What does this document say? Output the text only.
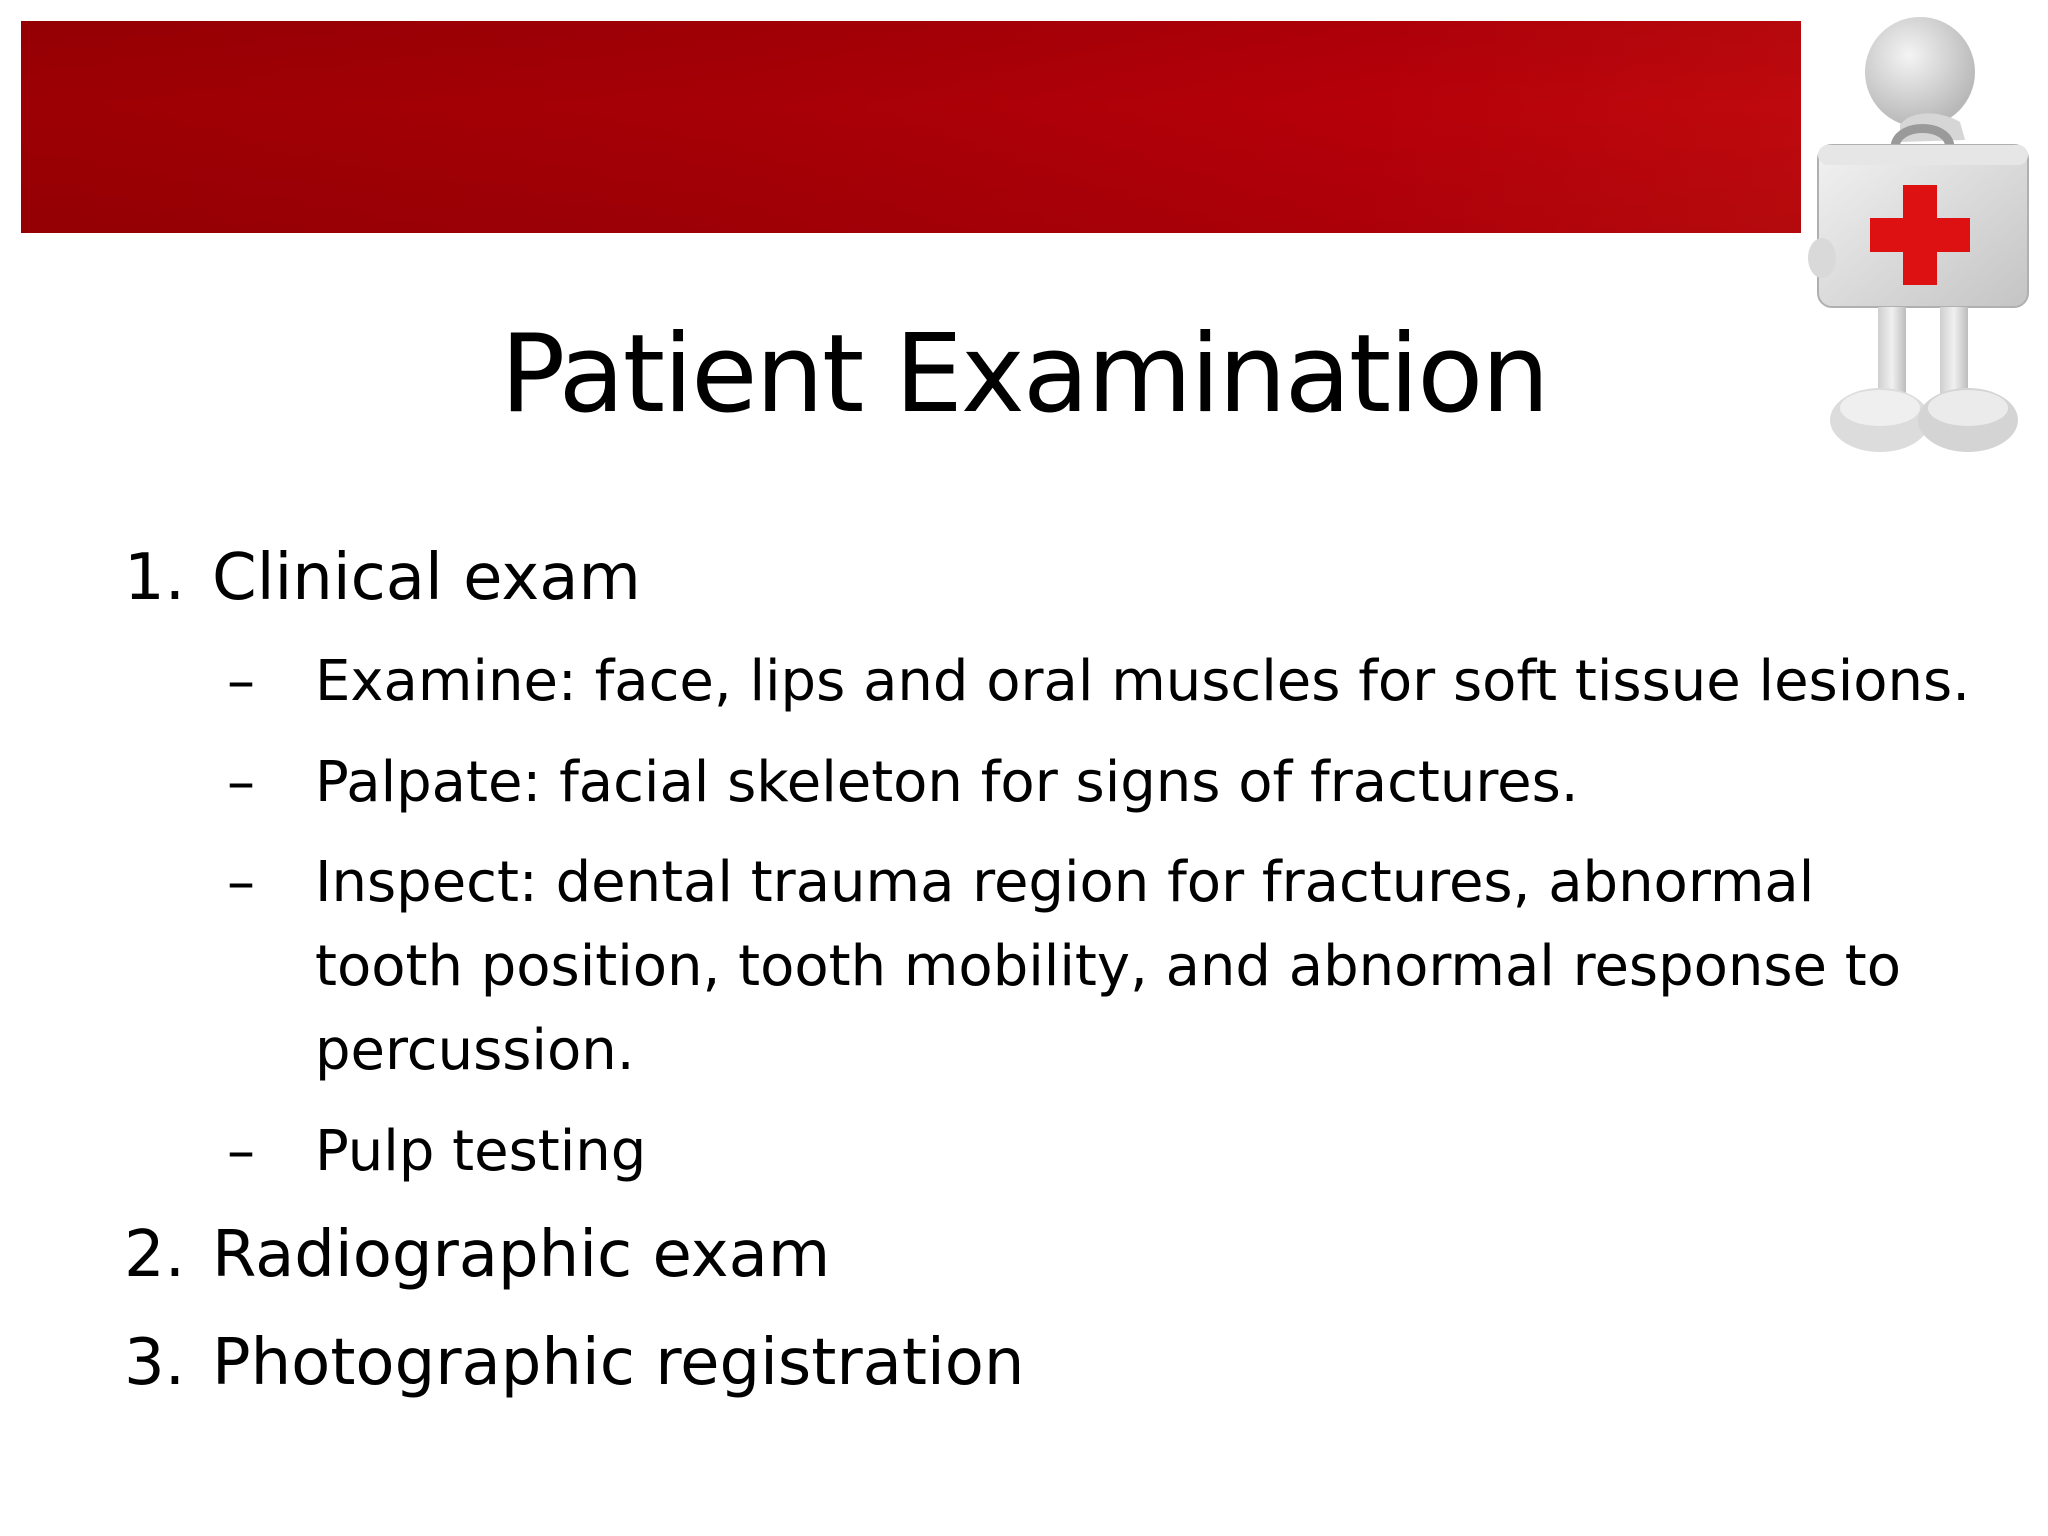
Patient Examination
1. Clinical exam
– Examine: face, lips and oral muscles for soft tissue lesions.
– Palpate: facial skeleton for signs of fractures.
– Inspect: dental trauma region for fractures, abnormal tooth position, tooth mobility, and abnormal response to percussion.
– Pulp testing
2. Radiographic exam
3. Photographic registration
